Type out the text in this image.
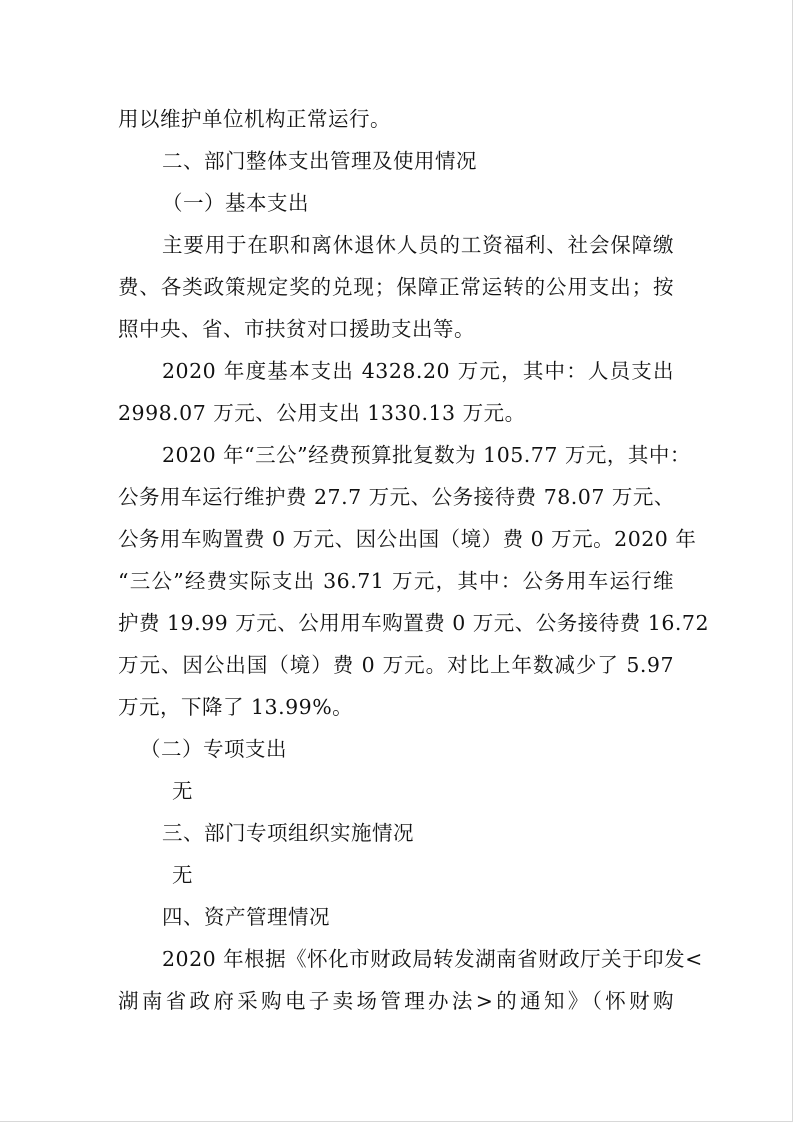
用以维护单位机构正常运行。
二、部门整体支出管理及使用情况
（一）基本支出
主要用于在职和离休退休人员的工资福利、社会保障缴
费、各类政策规定奖的兑现；保障正常运转的公用支出；按
照中央、省、市扶贫对口援助支出等。
2020 年度基本支出 4328.20 万元，其中：人员支出
2998.07 万元、公用支出 1330.13 万元。
2020 年“三公”经费预算批复数为 105.77 万元，其中：
公务用车运行维护费 27.7 万元、公务接待费 78.07 万元、
公务用车购置费 0 万元、因公出国（境）费 0 万元。2020 年
“三公”经费实际支出 36.71 万元，其中：公务用车运行维
护费 19.99 万元、公用用车购置费 0 万元、公务接待费 16.72
万元、因公出国（境）费 0 万元。对比上年数减少了 5.97
万元，下降了 13.99%。
（二）专项支出
无
三、部门专项组织实施情况
无
四、资产管理情况
2020 年根据《怀化市财政局转发湖南省财政厅关于印发<
湖南省政府采购电子卖场管理办法>的通知》（怀财购
